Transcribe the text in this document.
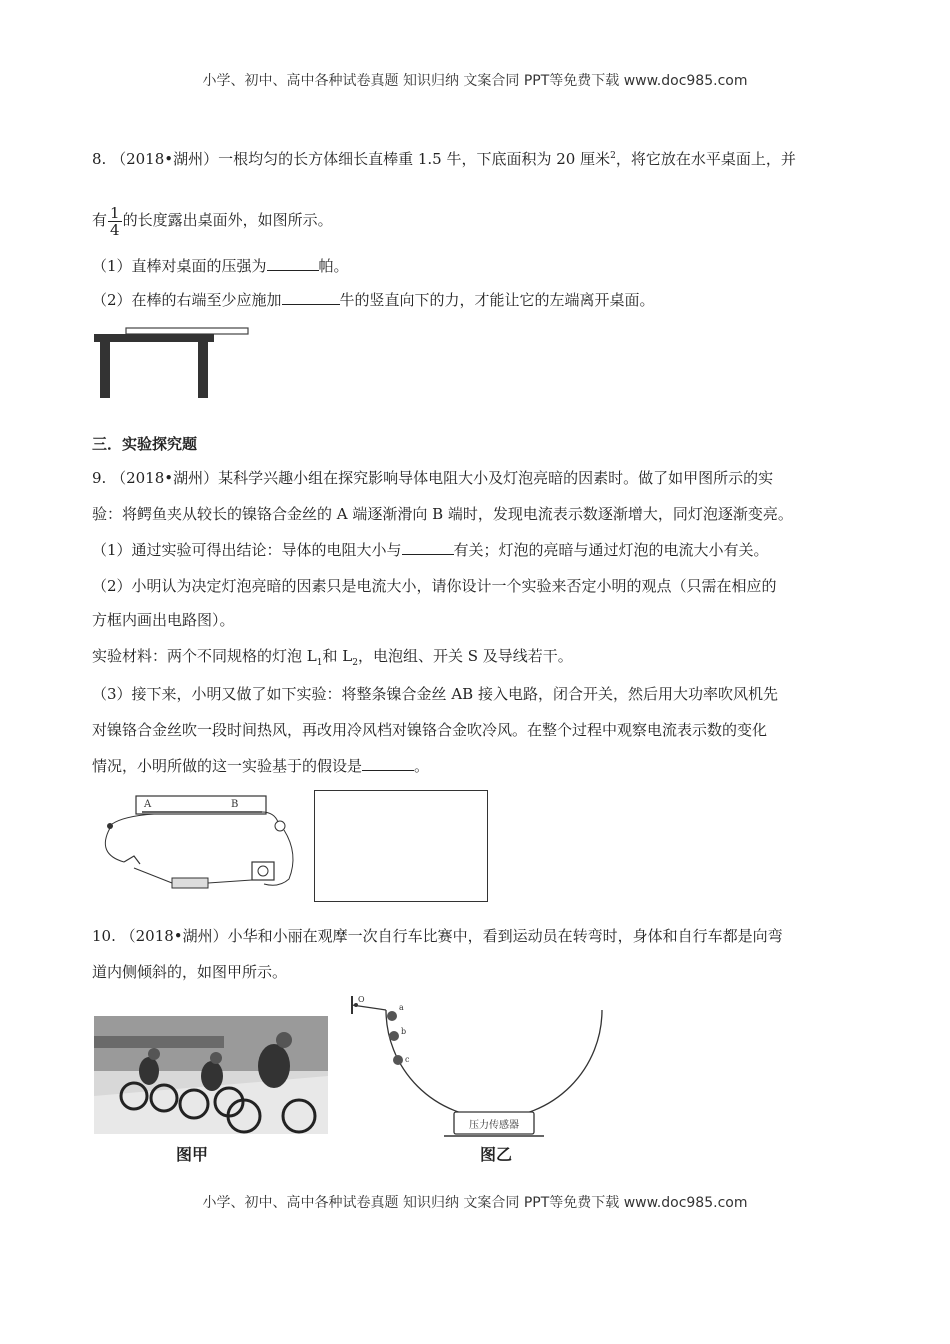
小学、初中、高中各种试卷真题 知识归纳 文案合同 PPT等免费下载 www.doc985.com
8. （2018•湖州）一根均匀的长方体细长直棒重 1.5 牛，下底面积为 20 厘米$^2$，将它放在水平桌面上，并
有 $\frac{1}{4}$ 的长度露出桌面外，如图所示。
（1）直棒对桌面的压强为	帕。
（2）在棒的右端至少应施加	牛的竖直向下的力，才能让它的左端离开桌面。
三．实验探究题
9. （2018•湖州）某科学兴趣小组在探究影响导体电阻大小及灯泡亮暗的因素时。做了如甲图所示的实
验：将鳄鱼夹从较长的镍铬合金丝的 A 端逐渐滑向 B 端时，发现电流表示数逐渐增大，同灯泡逐渐变亮。
（1）通过实验可得出结论：导体的电阻大小与	有关；灯泡的亮暗与通过灯泡的电流大小有关。
（2）小明认为决定灯泡亮暗的因素只是电流大小，请你设计一个实验来否定小明的观点（只需在相应的
方框内画出电路图）。
实验材料：两个不同规格的灯泡 $L_1$和 $L_2$，电泡组、开关 S 及导线若干。
（3）接下来，小明又做了如下实验：将整条镍合金丝 AB 接入电路，闭合开关，然后用大功率吹风机先
对镍铬合金丝吹一段时间热风，再改用冷风档对镍铬合金吹冷风。在整个过程中观察电流表示数的变化
情况，小明所做的这一实验基于的假设是	。
A	B
10. （2018•湖州）小华和小丽在观摩一次自行车比赛中，看到运动员在转弯时，身体和自行车都是向弯
道内侧倾斜的，如图甲所示。
图甲
O
a
b
c
压力传感器
图乙
小学、初中、高中各种试卷真题 知识归纳 文案合同 PPT等免费下载 www.doc985.com
